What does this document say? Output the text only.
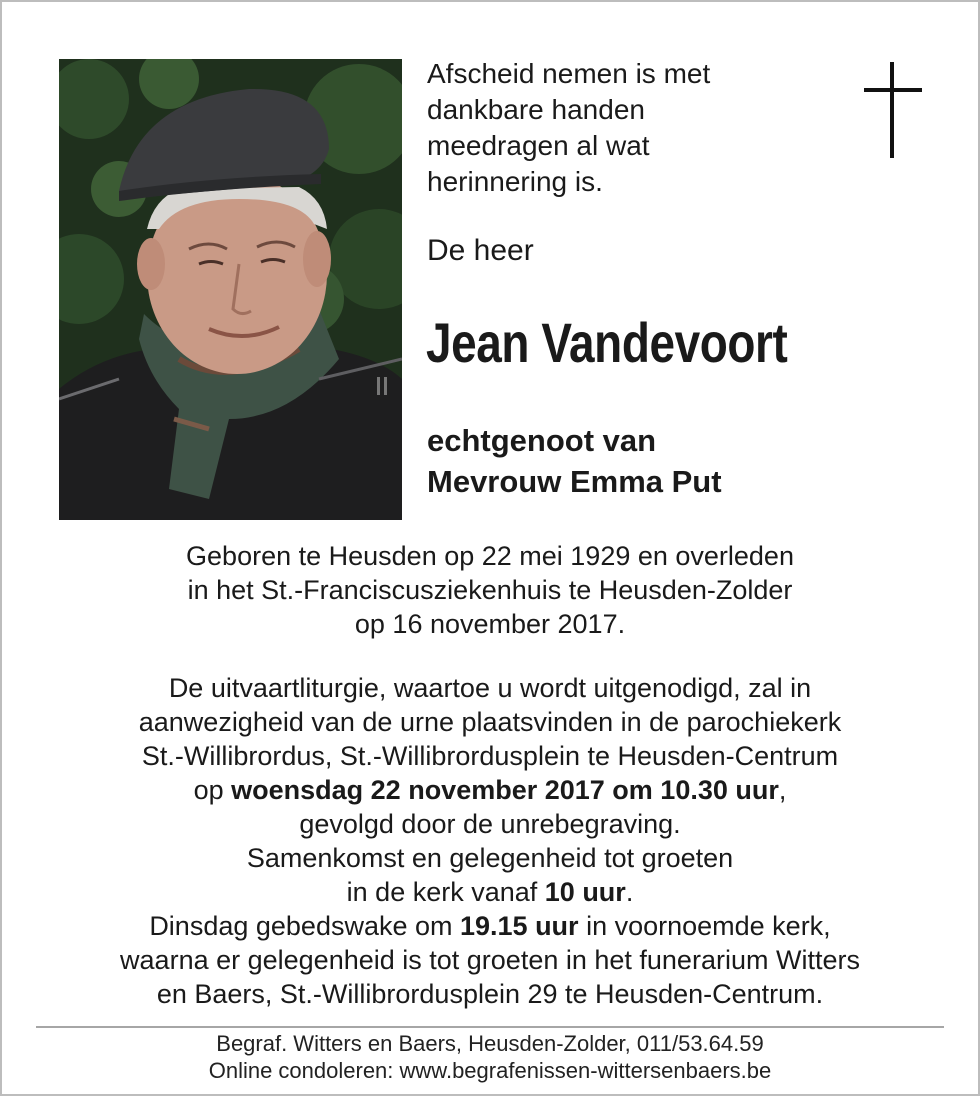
Afscheid nemen is met
dankbare handen
meedragen al wat
herinnering is.
De heer
Jean Vandevoort
echtgenoot van
Mevrouw Emma Put
Geboren te Heusden op 22 mei 1929 en overleden
in het St.-Franciscusziekenhuis te Heusden-Zolder
op 16 november 2017.
De uitvaartliturgie, waartoe u wordt uitgenodigd, zal in
aanwezigheid van de urne plaatsvinden in de parochiekerk
St.-Willibrordus, St.-Willibrordusplein te Heusden-Centrum
op woensdag 22 november 2017 om 10.30 uur,
gevolgd door de unrebegraving.
Samenkomst en gelegenheid tot groeten
in de kerk vanaf 10 uur.
Dinsdag gebedswake om 19.15 uur in voornoemde kerk,
waarna er gelegenheid is tot groeten in het funerarium Witters
en Baers, St.-Willibrordusplein 29 te Heusden-Centrum.
Begraf. Witters en Baers, Heusden-Zolder, 011/53.64.59
Online condoleren: www.begrafenissen-wittersenbaers.be
